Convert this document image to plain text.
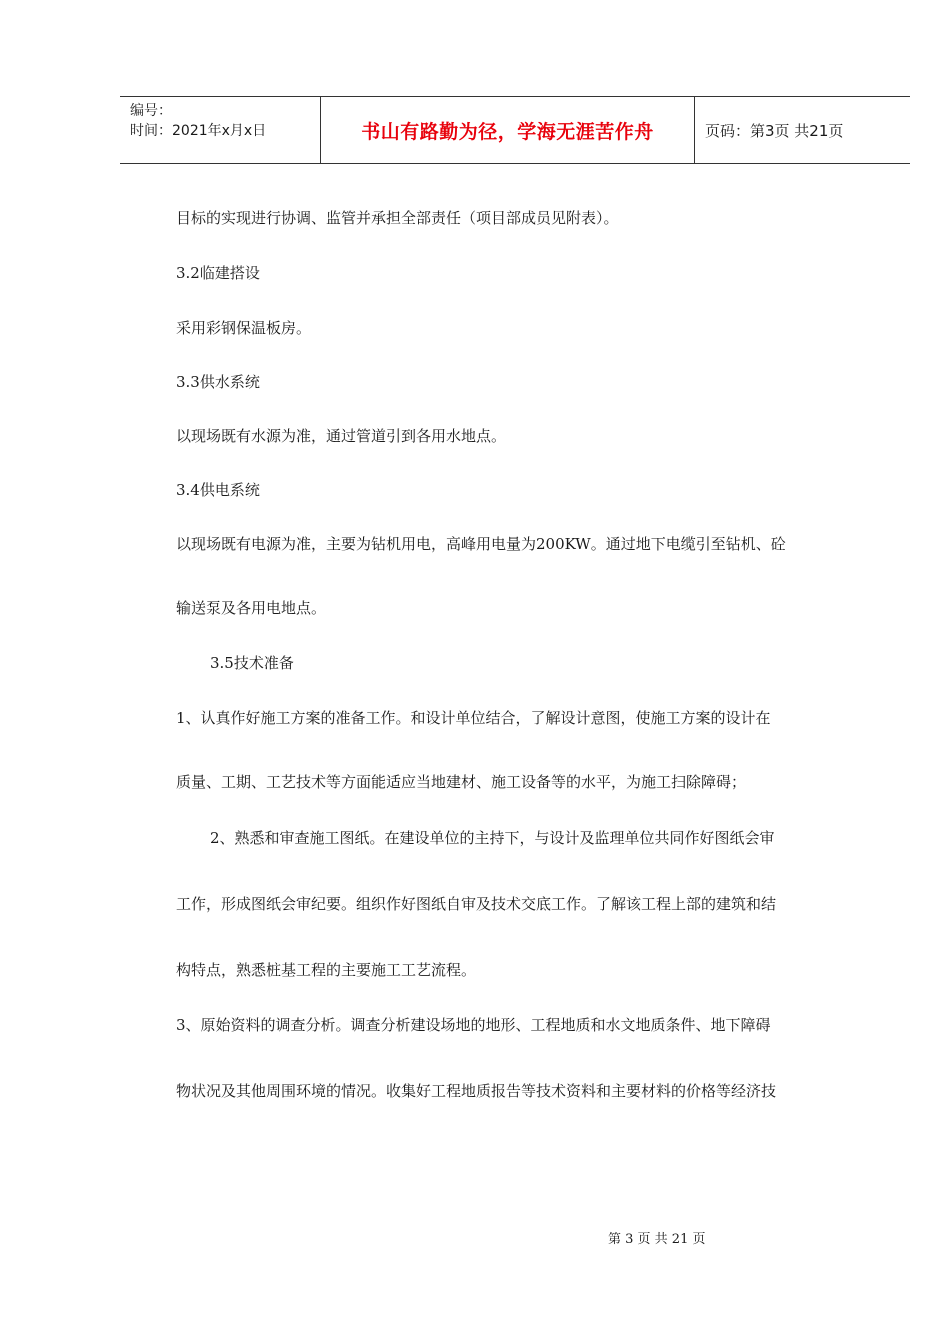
编号：
时间：2021年x月x日	书山有路勤为径，学海无涯苦作舟	页码：第3页 共21页
目标的实现进行协调、监管并承担全部责任（项目部成员见附表）。
3.2临建搭设
采用彩钢保温板房。
3.3供水系统
以现场既有水源为准，通过管道引到各用水地点。
3.4供电系统
以现场既有电源为准，主要为钻机用电，高峰用电量为200KW。通过地下电缆引至钻机、砼
输送泵及各用电地点。
3.5技术准备
1、认真作好施工方案的准备工作。和设计单位结合，了解设计意图，使施工方案的设计在
质量、工期、工艺技术等方面能适应当地建材、施工设备等的水平，为施工扫除障碍；
2、熟悉和审查施工图纸。在建设单位的主持下，与设计及监理单位共同作好图纸会审
工作，形成图纸会审纪要。组织作好图纸自审及技术交底工作。了解该工程上部的建筑和结
构特点，熟悉桩基工程的主要施工工艺流程。
3、原始资料的调查分析。调查分析建设场地的地形、工程地质和水文地质条件、地下障碍
物状况及其他周围环境的情况。收集好工程地质报告等技术资料和主要材料的价格等经济技
第 3 页 共 21 页
